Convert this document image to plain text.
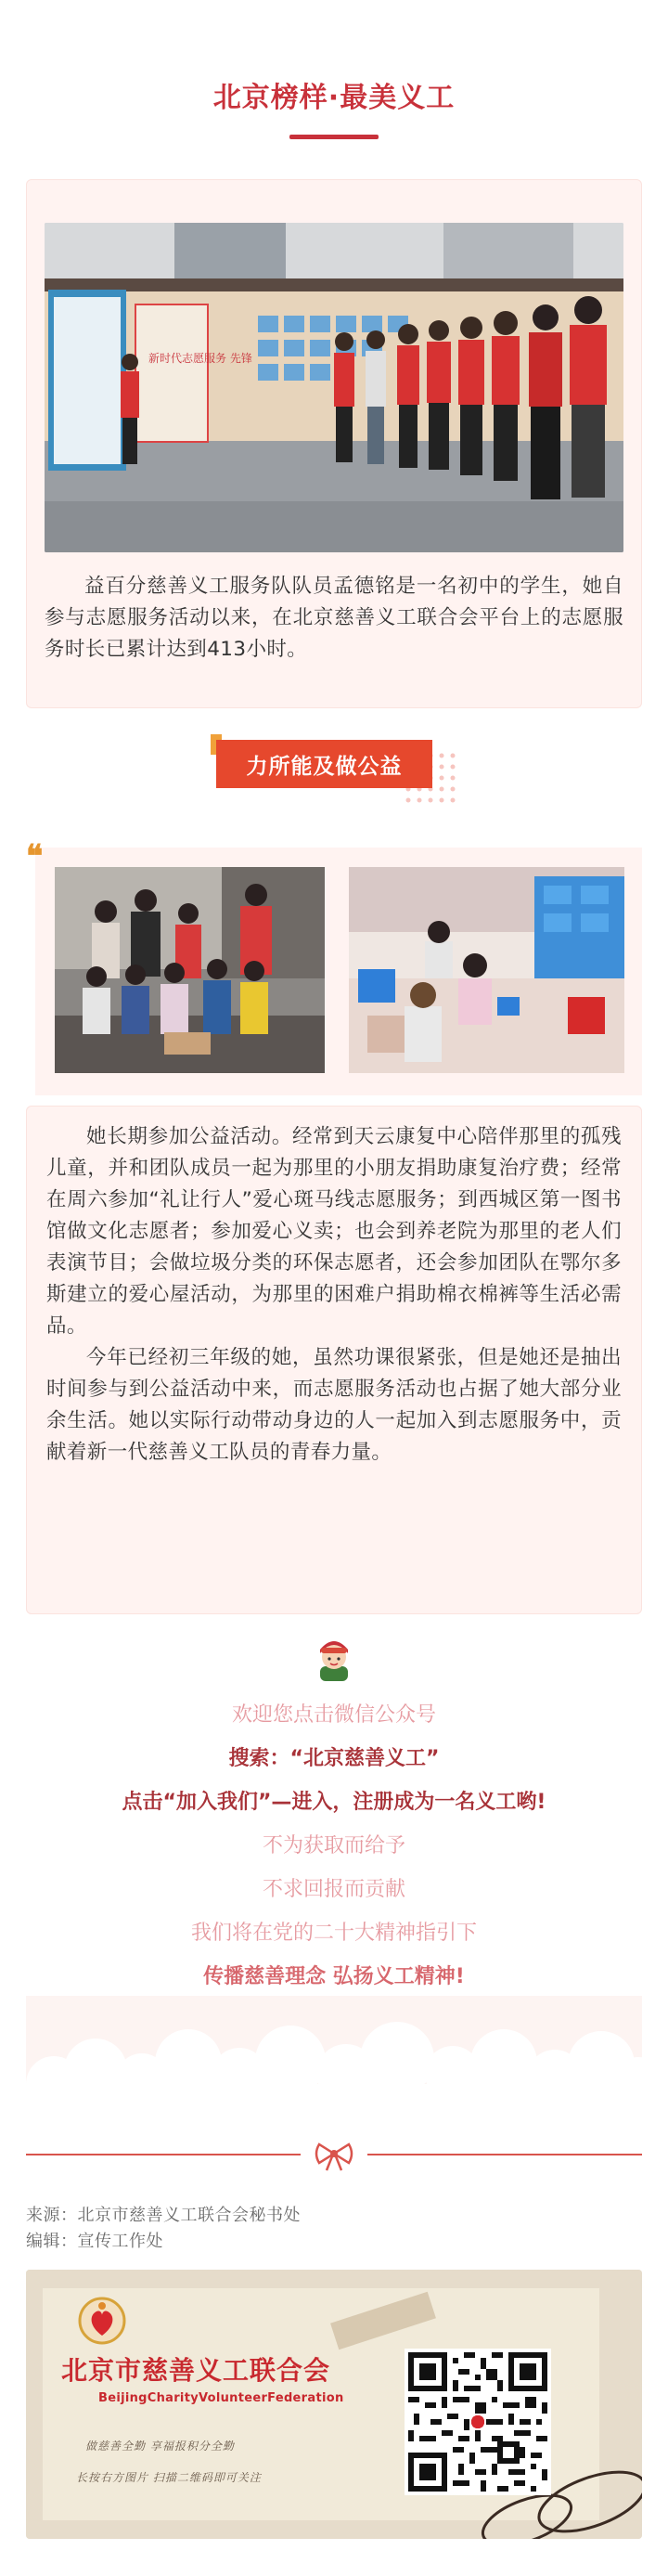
北京榜样·最美义工
新时代志愿服务 先锋

益百分慈善义工服务队队员孟德铭是一名初中的学生，她自参与志愿服务活动以来，在北京慈善义工联合会平台上的志愿服务时长已累计达到413小时。

力所能及做公益
❝

她长期参加公益活动。经常到天云康复中心陪伴那里的孤残儿童，并和团队成员一起为那里的小朋友捐助康复治疗费；经常在周六参加“礼让行人”爱心斑马线志愿服务；到西城区第一图书馆做文化志愿者；参加爱心义卖；也会到养老院为那里的老人们表演节目；会做垃圾分类的环保志愿者，还会参加团队在鄂尔多斯建立的爱心屋活动，为那里的困难户捐助棉衣棉裤等生活必需品。

今年已经初三年级的她，虽然功课很紧张，但是她还是抽出时间参与到公益活动中来，而志愿服务活动也占据了她大部分业余生活。她以实际行动带动身边的人一起加入到志愿服务中，贡献着新一代慈善义工队员的青春力量。

欢迎您点击微信公众号
搜索：“北京慈善义工”
点击“加入我们”—进入，注册成为一名义工哟!
不为获取而给予
不求回报而贡献
我们将在党的二十大精神指引下
传播慈善理念 弘扬义工精神!
来源：北京市慈善义工联合会秘书处
编辑：宣传工作处
北京市慈善义工联合会
BeijingCharityVolunteerFederation
做慈善全勤 享福报积分全勤
长按右方图片 扫描二维码即可关注
